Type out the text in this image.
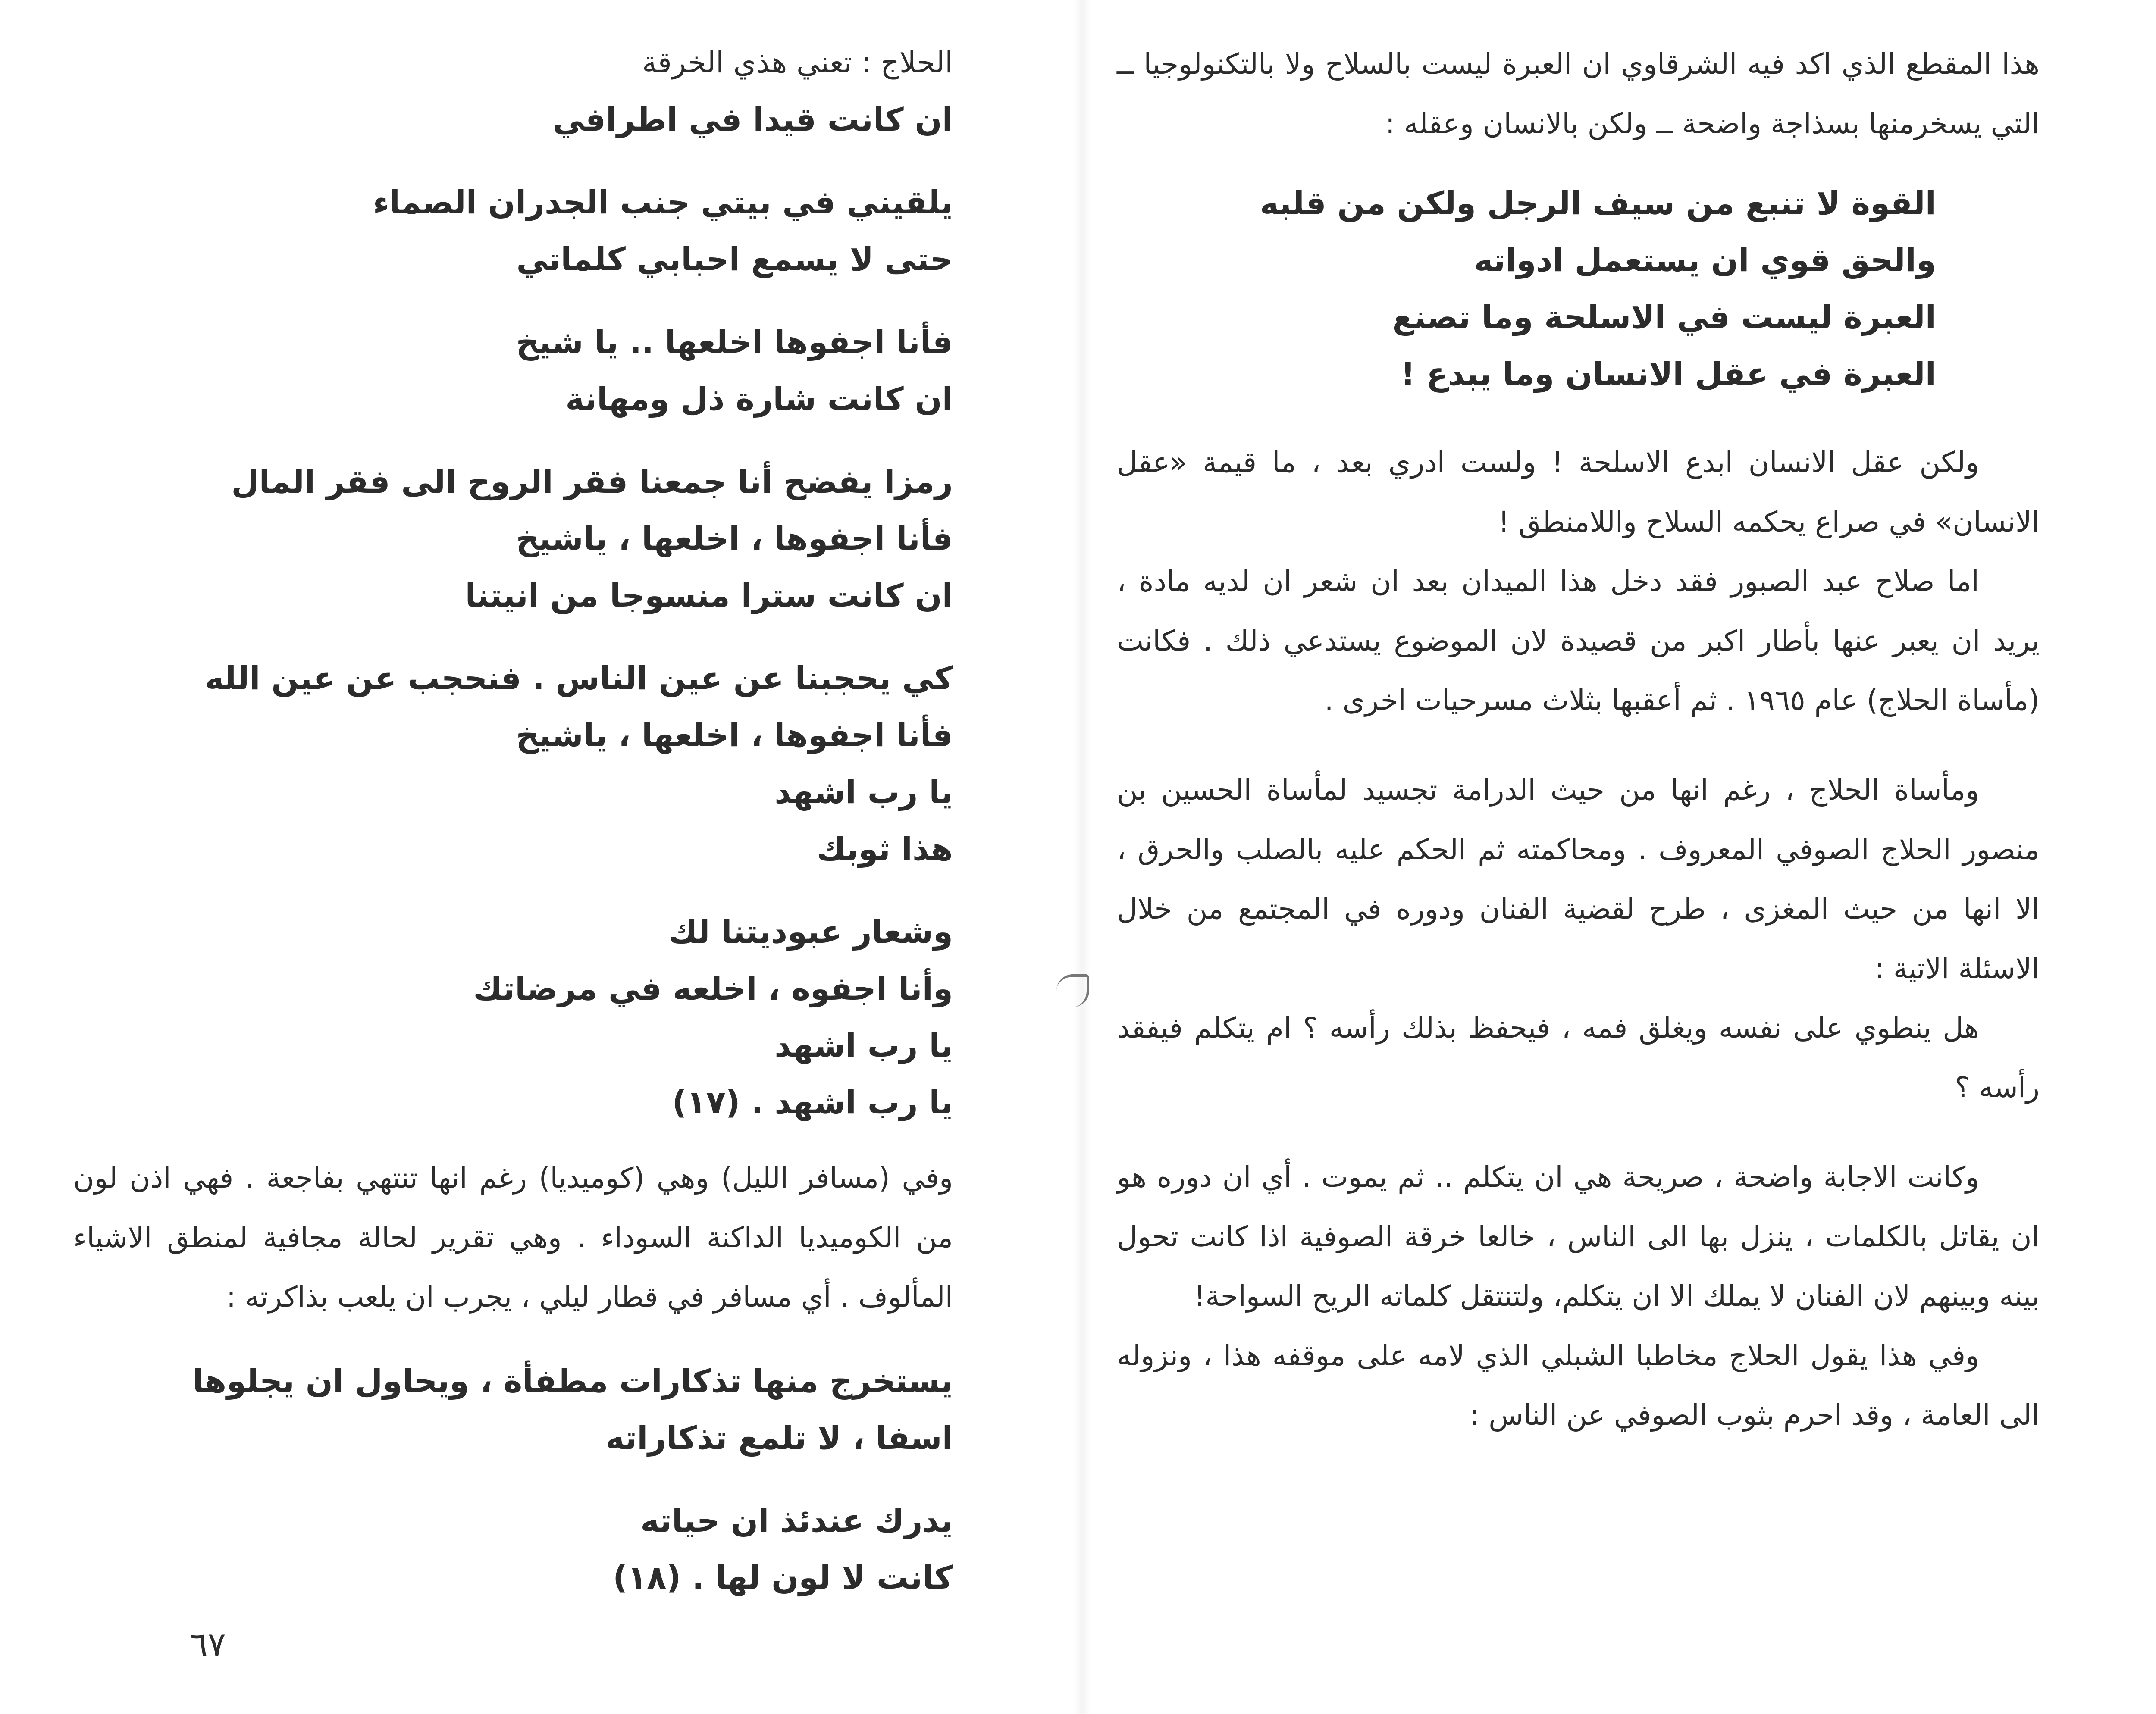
هذا المقطع الذي اكد فيه الشرقاوي ان العبرة ليست بالسلاح ولا بالتكنولوجيا ــ التي يسخرمنها بسذاجة واضحة ــ ولكن بالانسان وعقله :

القوة لا تنبع من سيف الرجل ولكن من قلبه
والحق قوي ان يستعمل ادواته
العبرة ليست في الاسلحة وما تصنع
العبرة في عقل الانسان وما يبدع !

ولكن عقل الانسان ابدع الاسلحة ! ولست ادري بعد ، ما قيمة «عقل الانسان» في صراع يحكمه السلاح واللامنطق !

اما صلاح عبد الصبور فقد دخل هذا الميدان بعد ان شعر ان لديه مادة ، يريد ان يعبر عنها بأطار اكبر من قصيدة لان الموضوع يستدعي ذلك . فكانت (مأساة الحلاج) عام ١٩٦٥ . ثم أعقبها بثلاث مسرحيات اخرى .

ومأساة الحلاج ، رغم انها من حيث الدرامة تجسيد لمأساة الحسين بن منصور الحلاج الصوفي المعروف . ومحاكمته ثم الحكم عليه بالصلب والحرق ، الا انها من حيث المغزى ، طرح لقضية الفنان ودوره في المجتمع من خلال الاسئلة الاتية :

هل ينطوي على نفسه ويغلق فمه ، فيحفظ بذلك رأسه ؟ ام يتكلم فيفقد رأسه ؟

وكانت الاجابة واضحة ، صريحة هي ان يتكلم .. ثم يموت . أي ان دوره هو ان يقاتل بالكلمات ، ينزل بها الى الناس ، خالعا خرقة الصوفية اذا كانت تحول بينه وبينهم لان الفنان لا يملك الا ان يتكلم، ولتنتقل كلماته الريح السواحة!

وفي هذا يقول الحلاج مخاطبا الشبلي الذي لامه على موقفه هذا ، ونزوله الى العامة ، وقد احرم بثوب الصوفي عن الناس :

الحلاج : تعني هذي الخرقة
ان كانت قيدا في اطرافي
يلقيني في بيتي جنب الجدران الصماء
حتى لا يسمع احبابي كلماتي
فأنا اجفوها اخلعها .. يا شيخ
ان كانت شارة ذل ومهانة
رمزا يفضح أنا جمعنا فقر الروح الى فقر المال
فأنا اجفوها ، اخلعها ، ياشيخ
ان كانت سترا منسوجا من انيتنا
كي يحجبنا عن عين الناس . فنحجب عن عين الله
فأنا اجفوها ، اخلعها ، ياشيخ
يا رب اشهد
هذا ثوبك
وشعار عبوديتنا لك
وأنا اجفوه ، اخلعه في مرضاتك
يا رب اشهد
يا رب اشهد . (١٧)

وفي (مسافر الليل) وهي (كوميديا) رغم انها تنتهي بفاجعة . فهي اذن لون من الكوميديا الداكنة السوداء . وهي تقرير لحالة مجافية لمنطق الاشياء المألوف . أي مسافر في قطار ليلي ، يجرب ان يلعب بذاكرته :

يستخرج منها تذكارات مطفأة ، ويحاول ان يجلوها
اسفا ، لا تلمع تذكاراته
يدرك عندئذ ان حياته
كانت لا لون لها . (١٨)
٦٧
